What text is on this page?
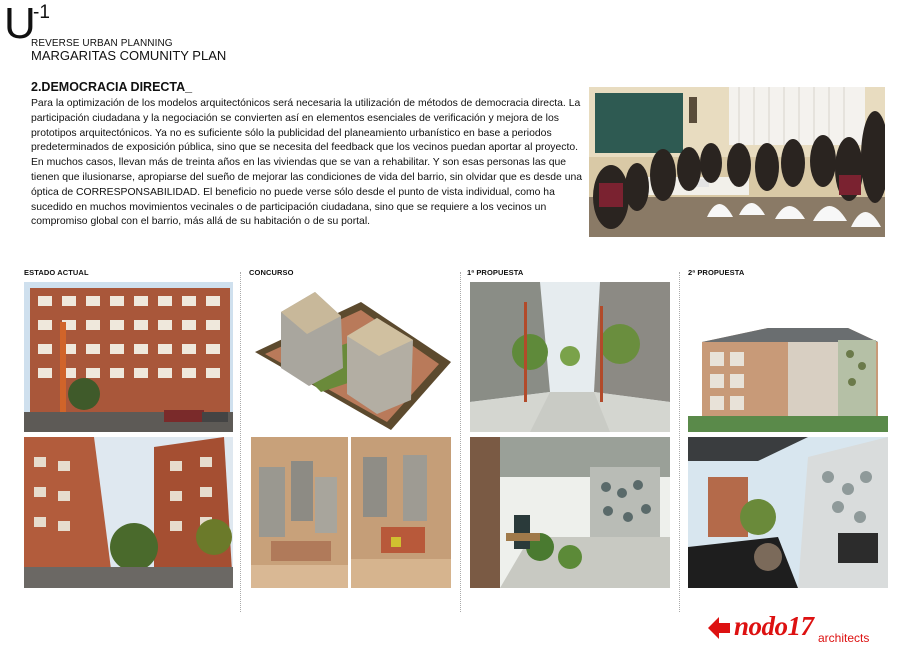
U
-1
REVERSE URBAN PLANNING
MARGARITAS COMUNITY PLAN
2.DEMOCRACIA DIRECTA_
Para la optimización de los modelos arquitectónicos será necesaria la utilización de métodos de democracia directa. La participación ciudadana y la negociación se convierten así en elementos esenciales de verificación y mejora de los prototipos arquitectónicos. Ya no es suficiente sólo la publicidad del planeamiento urbanístico en base a periodos predeterminados de exposición pública, sino que se necesita del feedback que los vecinos puedan aportar al proyecto. En muchos casos, llevan más de treinta años en las viviendas que se van a rehabilitar. Y son esas personas las que tienen que ilusionarse, apropiarse del sueño de mejorar las condiciones de vida del barrio, sin olvidar que es desde una óptica de CORRESPONSABILIDAD. El beneficio no puede verse sólo desde el punto de vista individual, como ha sucedido en muchos movimientos vecinales o de participación ciudadana, sino que se requiere a los vecinos un compromiso global con el barrio, más allá de su habitación o de su portal.
ESTADO ACTUAL	CONCURSO	1ª PROPUESTA	2ª PROPUESTA
nodo17 architects
